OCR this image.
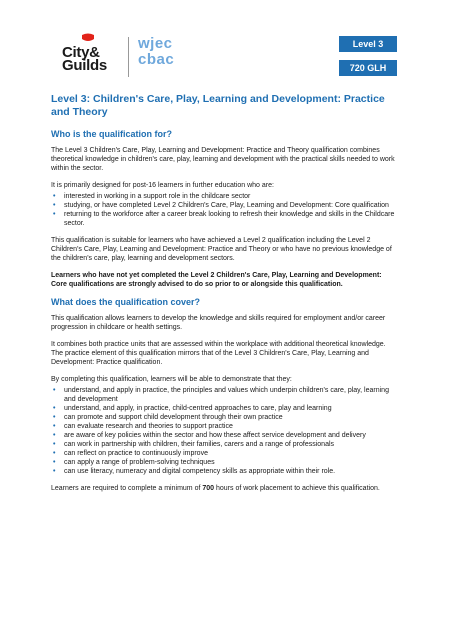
City&
Guilds
wjec
cbac
Level 3
720 GLH
Level 3: Children's Care, Play, Learning and Development: Practice and Theory
Who is the qualification for?

The Level 3 Children's Care, Play, Learning and Development: Practice and Theory qualification combines theoretical knowledge in children's care, play, learning and development with the practical skills needed to work within the sector.

It is primarily designed for post-16 learners in further education who are:

• interested in working in a support role in the childcare sector
• studying, or have completed Level 2 Children's Care, Play, Learning and Development: Core qualification
• returning to the workforce after a career break looking to refresh their knowledge and skills in the Childcare sector.

This qualification is suitable for learners who have achieved a Level 2 qualification including the Level 2 Children's Care, Play, Learning and Development: Practice and Theory or who have no previous knowledge of the children's care, play, learning and development sectors.

Learners who have not yet completed the Level 2 Children's Care, Play, Learning and Development: Core qualifications are strongly advised to do so prior to or alongside this qualification.

What does the qualification cover?

This qualification allows learners to develop the knowledge and skills required for employment and/or career progression in childcare or health settings.

It combines both practice units that are assessed within the workplace with additional theoretical knowledge. The practice element of this qualification mirrors that of the Level 3 Children's Care, Play, Learning and Development: Practice qualification.

By completing this qualification, learners will be able to demonstrate that they:

• understand, and apply in practice, the principles and values which underpin children's care, play, learning and development
• understand, and apply, in practice, child-centred approaches to care, play and learning
• can promote and support child development through their own practice
• can evaluate research and theories to support practice
• are aware of key policies within the sector and how these affect service development and delivery
• can work in partnership with children, their families, carers and a range of professionals
• can reflect on practice to continuously improve
• can apply a range of problem-solving techniques
• can use literacy, numeracy and digital competency skills as appropriate within their role.

Learners are required to complete a minimum of 700 hours of work placement to achieve this qualification.
